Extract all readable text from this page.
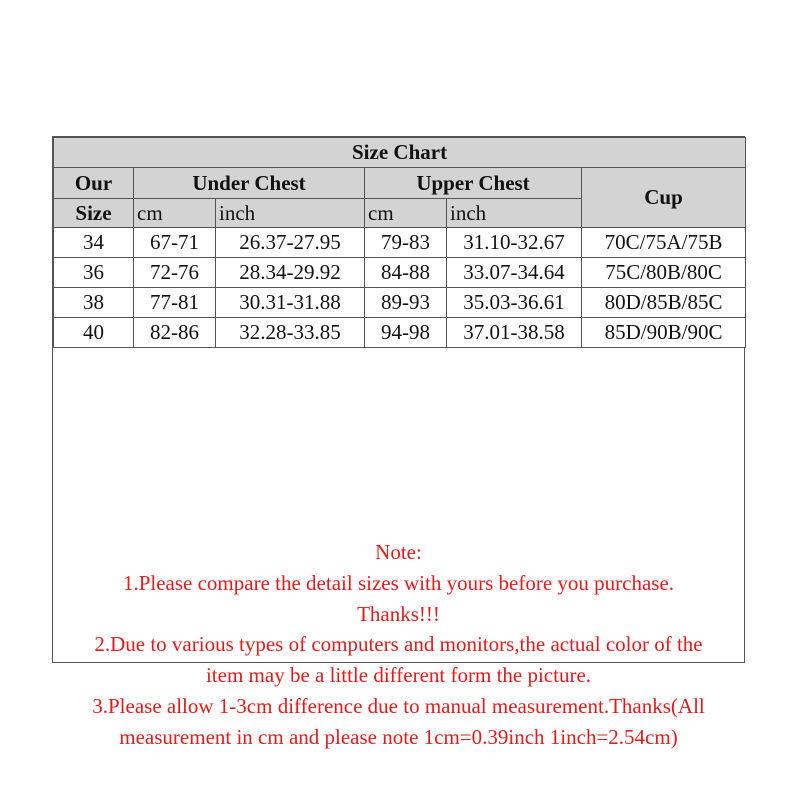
Size Chart					
Our	Under Chest		Upper Chest		Cup
Size	cm	inch	cm	inch	
34	67-71	26.37-27.95	79-83	31.10-32.67	70C/75A/75B
36	72-76	28.34-29.92	84-88	33.07-34.64	75C/80B/80C
38	77-81	30.31-31.88	89-93	35.03-36.61	80D/85B/85C
40	82-86	32.28-33.85	94-98	37.01-38.58	85D/90B/90C
Note:
1.Please compare the detail sizes with yours before you purchase.
Thanks!!!
2.Due to various types of computers and monitors,the actual color of the
item may be a little different form the picture.
3.Please allow 1-3cm difference due to manual measurement.Thanks(All
measurement in cm and please note 1cm=0.39inch 1inch=2.54cm)
